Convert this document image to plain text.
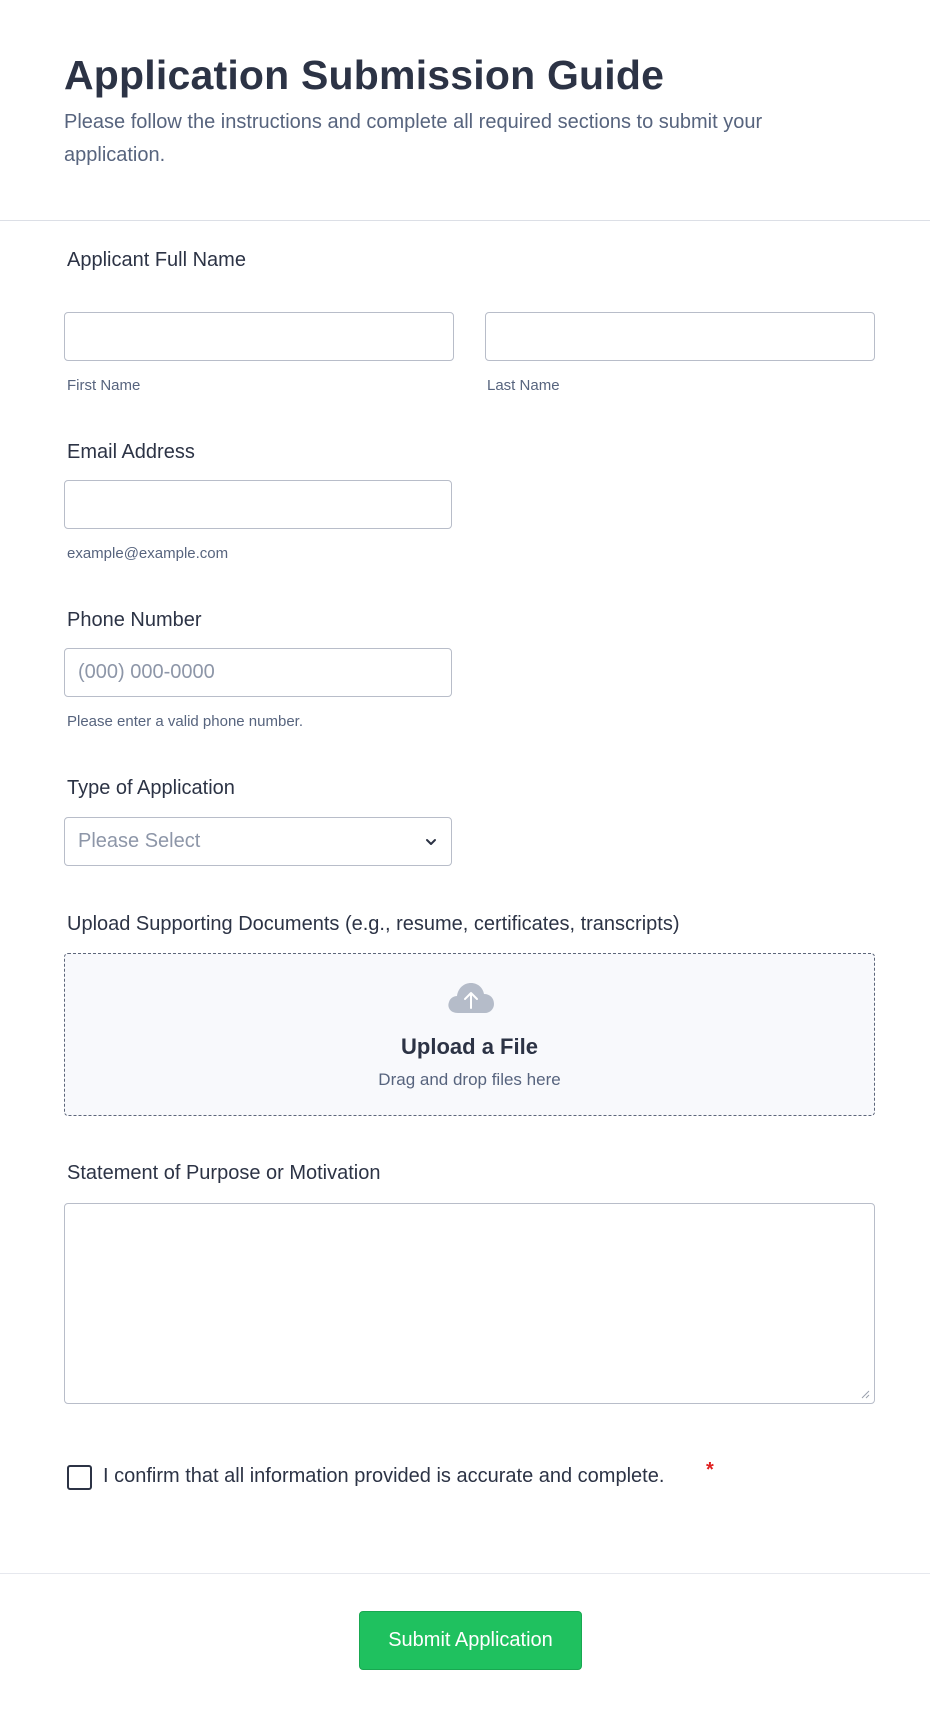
Application Submission Guide

Please follow the instructions and complete all required sections to submit your application.

Applicant Full Name
First Name	Last Name
Email Address
example@example.com
Phone Number
(000) 000-0000
Please enter a valid phone number.
Type of Application
Please Select
Upload Supporting Documents (e.g., resume, certificates, transcripts)
Upload a File
Drag and drop files here
Statement of Purpose or Motivation
I confirm that all information provided is accurate and complete. *
Submit Application
